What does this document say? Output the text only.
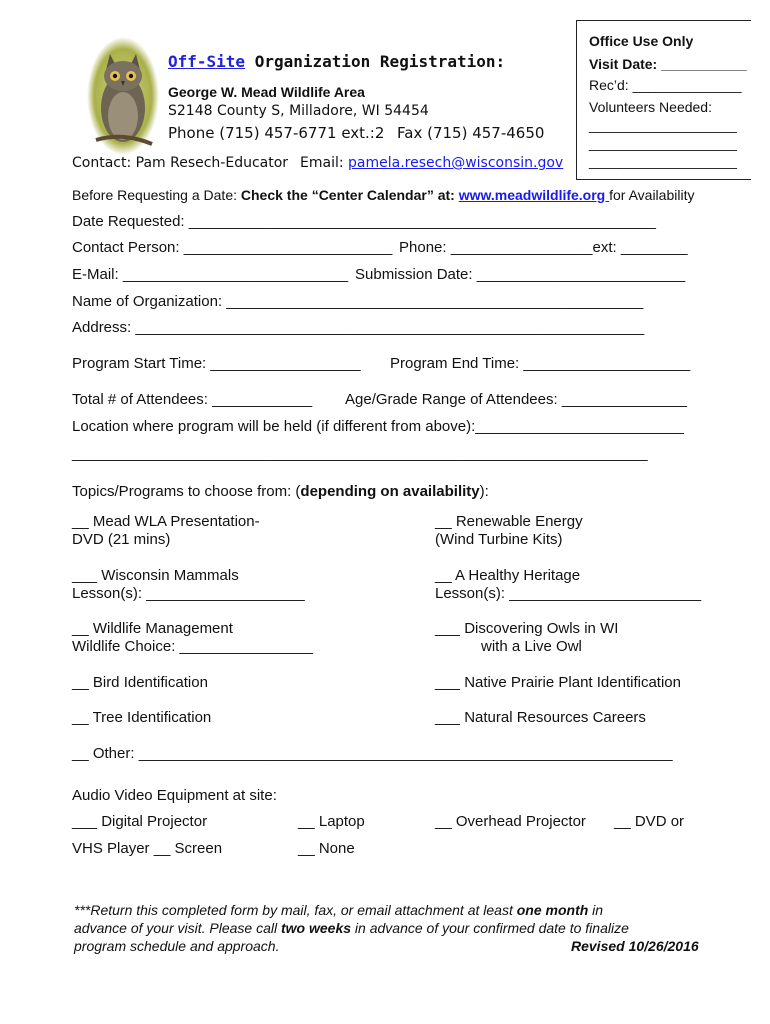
Off-Site Organization Registration:
George W. Mead Wildlife Area
S2148 County S, Milladore, WI 54454
Phone (715) 457-6771 ext.:2 Fax (715) 457-4650
Contact: Pam Resech-Educator Email: pamela.resech@wisconsin.gov
Office Use Only
Visit Date: ___________
Rec’d: ______________
Volunteers Needed:
___________________
___________________
___________________
Before Requesting a Date: Check the “Center Calendar” at: www.meadwildlife.org for Availability
Date Requested: ________________________________________________________
Contact Person: _________________________ Phone: _________________ext: ________
E-Mail: ___________________________ Submission Date: _________________________
Name of Organization: __________________________________________________
Address: _____________________________________________________________
Program Start Time: __________________ Program End Time: ____________________
Total # of Attendees: ____________ Age/Grade Range of Attendees: _______________
Location where program will be held (if different from above):_________________________
_____________________________________________________________________
Topics/Programs to choose from: (depending on availability):
__ Mead WLA Presentation-
DVD (21 mins)
__ Renewable Energy
(Wind Turbine Kits)
___ Wisconsin Mammals
Lesson(s): ___________________
__ A Healthy Heritage
Lesson(s): _______________________
__ Wildlife Management
Wildlife Choice: ________________
___ Discovering Owls in WI
with a Live Owl
__ Bird Identification	___ Native Prairie Plant Identification
__ Tree Identification	___ Natural Resources Careers
__ Other: ________________________________________________________________
Audio Video Equipment at site:
___ Digital Projector	__ Laptop	__ Overhead Projector __ DVD or
VHS Player __ Screen	__ None
***Return this completed form by mail, fax, or email attachment at least one month in
advance of your visit. Please call two weeks in advance of your confirmed date to finalize
program schedule and approach.	Revised 10/26/2016
